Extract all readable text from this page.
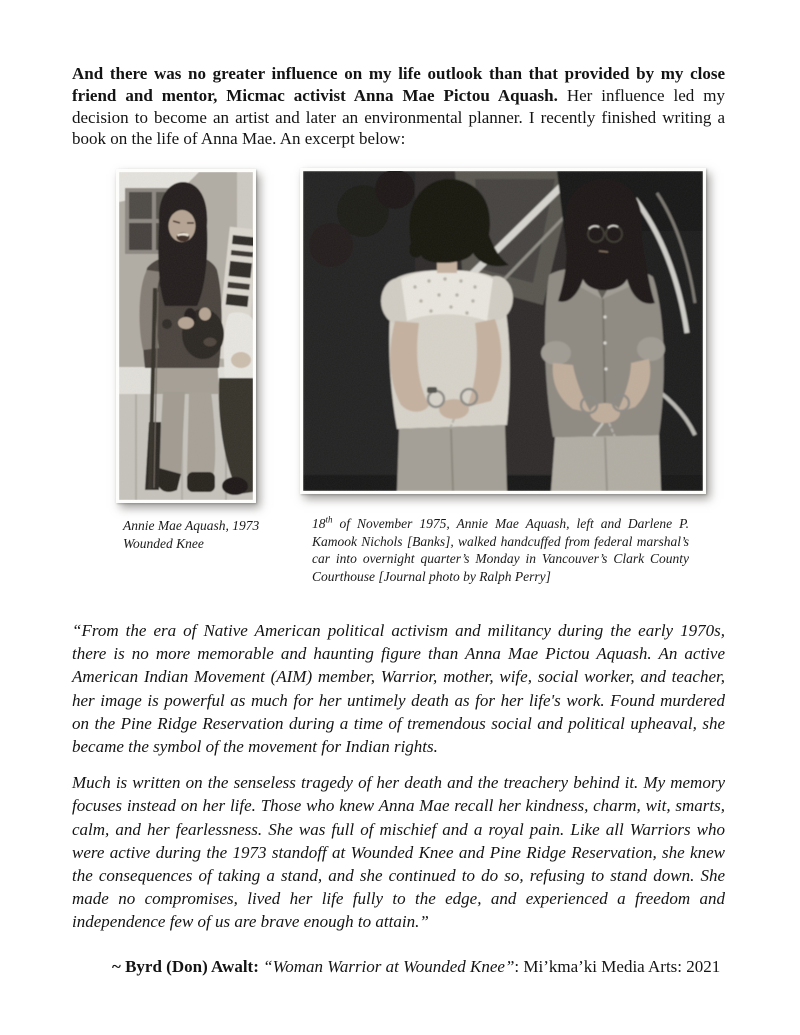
And there was no greater influence on my life outlook than that provided by my close friend and mentor, Micmac activist Anna Mae Pictou Aquash. Her influence led my decision to become an artist and later an environmental planner. I recently finished writing a book on the life of Anna Mae. An excerpt below:

Annie Mae Aquash, 1973
Wounded Knee
18th of November 1975, Annie Mae Aquash, left and Darlene P. Kamook Nichols [Banks], walked handcuffed from federal marshal’s car into overnight quarter’s Monday in Vancouver’s Clark County Courthouse [Journal photo by Ralph Perry]

“From the era of Native American political activism and militancy during the early 1970s, there is no more memorable and haunting figure than Anna Mae Pictou Aquash. An active American Indian Movement (AIM) member, Warrior, mother, wife, social worker, and teacher, her image is powerful as much for her untimely death as for her life's work. Found murdered on the Pine Ridge Reservation during a time of tremendous social and political upheaval, she became the symbol of the movement for Indian rights.

Much is written on the senseless tragedy of her death and the treachery behind it. My memory focuses instead on her life. Those who knew Anna Mae recall her kindness, charm, wit, smarts, calm, and her fearlessness. She was full of mischief and a royal pain. Like all Warriors who were active during the 1973 standoff at Wounded Knee and Pine Ridge Reservation, she knew the consequences of taking a stand, and she continued to do so, refusing to stand down. She made no compromises, lived her life fully to the edge, and experienced a freedom and independence few of us are brave enough to attain.”

~ Byrd (Don) Awalt: “Woman Warrior at Wounded Knee”: Mi’kma’ki Media Arts: 2021
